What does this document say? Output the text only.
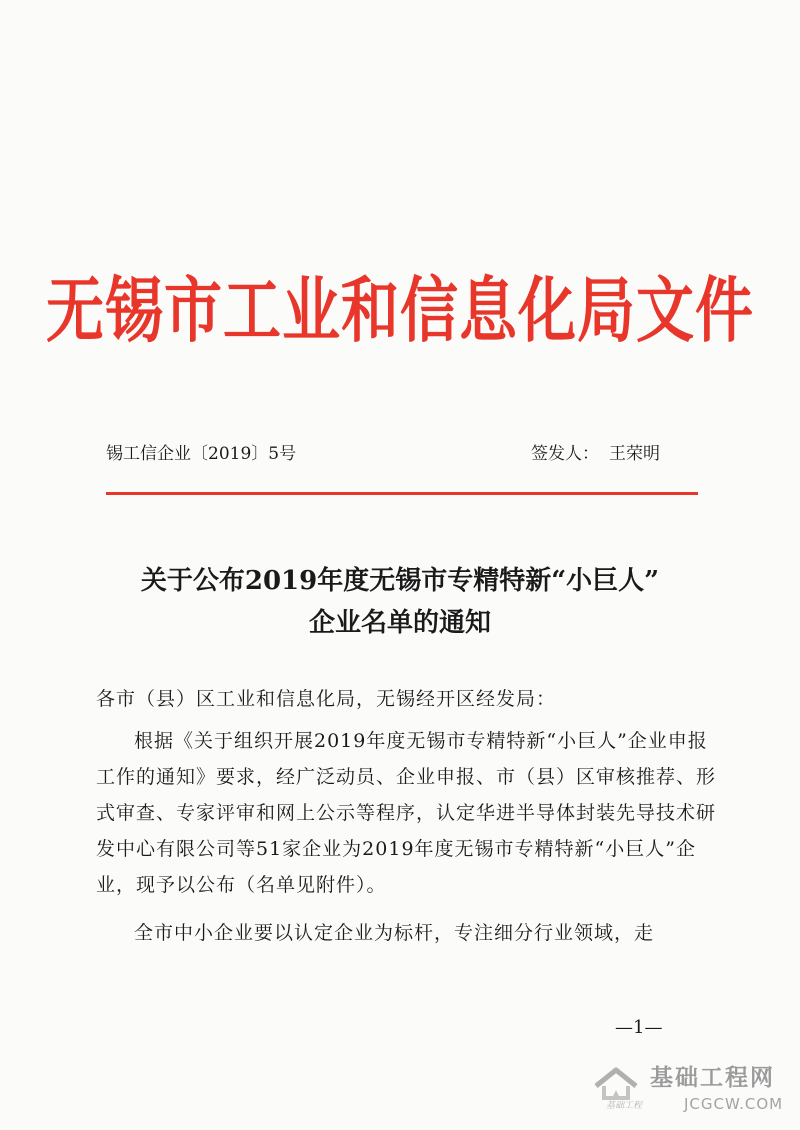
无锡市工业和信息化局文件
锡工信企业〔2019〕5号	签发人： 王荣明
关于公布2019年度无锡市专精特新“小巨人”
企业名单的通知

各市（县）区工业和信息化局，无锡经开区经发局：

根据《关于组织开展2019年度无锡市专精特新“小巨人”企业申报工作的通知》要求，经广泛动员、企业申报、市（县）区审核推荐、形式审查、专家评审和网上公示等程序，认定华进半导体封装先导技术研发中心有限公司等51家企业为2019年度无锡市专精特新“小巨人”企业，现予以公布（名单见附件）。

全市中小企业要以认定企业为标杆，专注细分行业领域，走

—1—
基础工程
基础工程网
JCGCW.COM
